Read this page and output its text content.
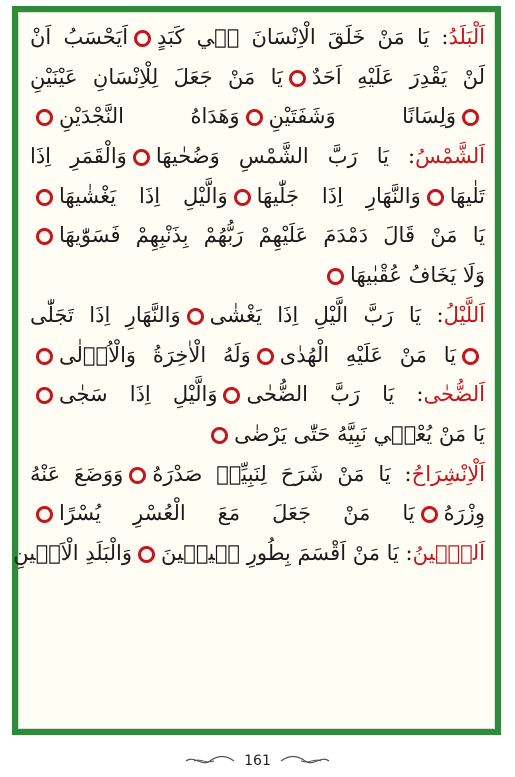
اَلْبَلَدُ: يَا مَنْ خَلَقَ الْاِنْسَانَ ف۪ي كَبَدٍاَيَحْسَبُ اَنْ
لَنْ يَقْدِرَ عَلَيْهِ اَحَدٌيَا مَنْ جَعَلَ لِلْاِنْسَانِ عَيْنَيْنِ
وَلِسَانًا وَشَفَتَيْنِوَهَدَاهُ النَّجْدَيْنِ
اَلشَّمْسُ: يَا رَبَّ الشَّمْسِ وَضُحٰيهَاوَالْقَمَرِ اِذَا
تَلٰيهَاوَالنَّهَارِ اِذَا جَلّٰيهَاوَالَّيْلِ اِذَا يَغْشٰيهَا
يَا مَنْ قَالَ دَمْدَمَ عَلَيْهِمْ رَبُّهُمْ بِذَنْبِهِمْ فَسَوّٰيهَا
وَلَا يَخَافُ عُقْبٰيهَا
اَللَّيْلُ: يَا رَبَّ الَّيْلِ اِذَا يَغْشٰىوَالنَّهَارِ اِذَا تَجَلّٰى
يَا مَنْ عَلَيْهِ الْهُدٰىوَلَهُ الْاٰخِرَةُ وَالْاُو۫لٰى
اَلضُّحٰى: يَا رَبَّ الضُّحٰىوَالَّيْلِ اِذَا سَجٰى
يَا مَنْ يُعْط۪ي نَبِيَّهُ حَتّٰى يَرْضٰى
اَلْاِنْشِرَاحُ: يَا مَنْ شَرَحَ لِنَبِيِّه۪ صَدْرَهُوَوَضَعَ عَنْهُ
وِزْرَهُيَا مَنْ جَعَلَ مَعَ الْعُسْرِ يُسْرًا
اَلتّ۪ينُ: يَا مَنْ اَقْسَمَ بِطُورِ س۪ين۪ينَوَالْبَلَدِ الْاَم۪ينِ
161
